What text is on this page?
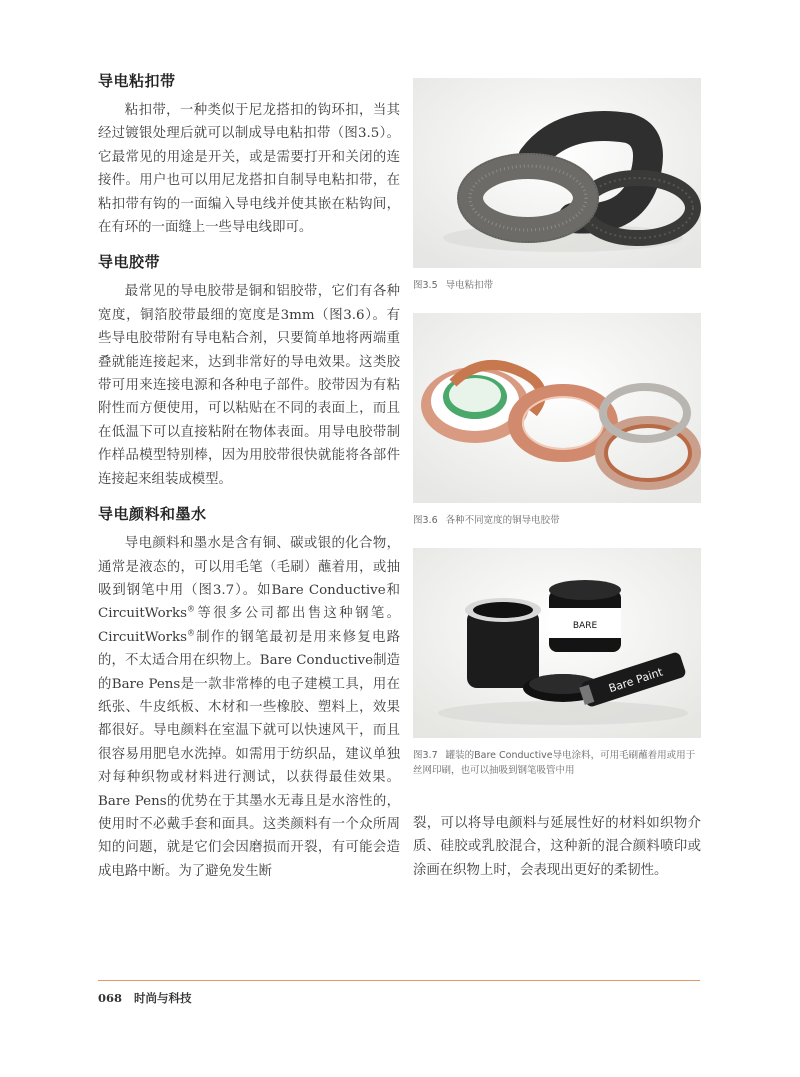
导电粘扣带

粘扣带，一种类似于尼龙搭扣的钩环扣，当其经过镀银处理后就可以制成导电粘扣带（图3.5）。它最常见的用途是开关，或是需要打开和关闭的连接件。用户也可以用尼龙搭扣自制导电粘扣带，在粘扣带有钩的一面编入导电线并使其嵌在粘钩间，在有环的一面缝上一些导电线即可。

导电胶带

最常见的导电胶带是铜和铝胶带，它们有各种宽度，铜箔胶带最细的宽度是3mm（图3.6）。有些导电胶带附有导电粘合剂，只要简单地将两端重叠就能连接起来，达到非常好的导电效果。这类胶带可用来连接电源和各种电子部件。胶带因为有粘附性而方便使用，可以粘贴在不同的表面上，而且在低温下可以直接粘附在物体表面。用导电胶带制作样品模型特别棒，因为用胶带很快就能将各部件连接起来组装成模型。

导电颜料和墨水

导电颜料和墨水是含有铜、碳或银的化合物，通常是液态的，可以用毛笔（毛刷）蘸着用，或抽吸到钢笔中用（图3.7）。如Bare Conductive和CircuitWorks®等很多公司都出售这种钢笔。CircuitWorks®制作的钢笔最初是用来修复电路的，不太适合用在织物上。Bare Conductive制造的Bare Pens是一款非常棒的电子建模工具，用在纸张、牛皮纸板、木材和一些橡胶、塑料上，效果都很好。导电颜料在室温下就可以快速风干，而且很容易用肥皂水洗掉。如需用于纺织品，建议单独对每种织物或材料进行测试，以获得最佳效果。Bare Pens的优势在于其墨水无毒且是水溶性的，使用时不必戴手套和面具。这类颜料有一个众所周知的问题，就是它们会因磨损而开裂，有可能会造成电路中断。为了避免发生断

图3.5 导电粘扣带
图3.6 各种不同宽度的铜导电胶带
BARE
Bare Paint
图3.7 罐装的Bare Conductive导电涂料，可用毛刷蘸着用或用于丝网印刷，也可以抽吸到钢笔吸管中用

裂，可以将导电颜料与延展性好的材料如织物介质、硅胶或乳胶混合，这种新的混合颜料喷印或涂画在织物上时，会表现出更好的柔韧性。

068 时尚与科技
